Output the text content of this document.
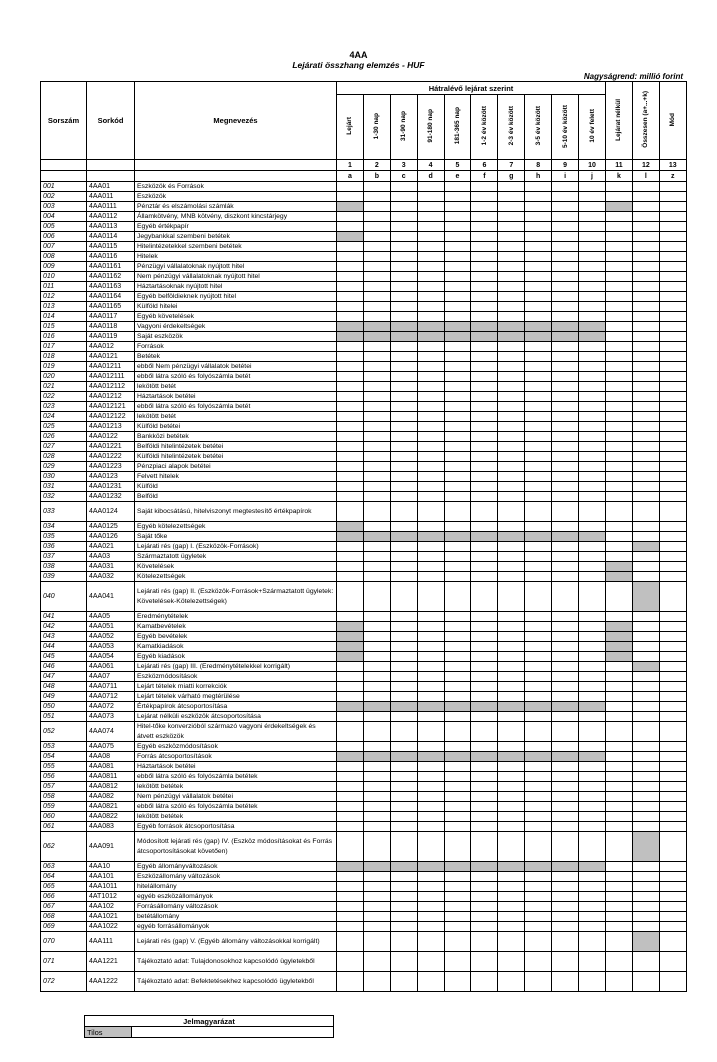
4AA
Lejárati összhang elemzés - HUF
Nagyságrend: millió forint
Sorszám	Sorkód	Megnevezés	Hátralévő lejárat szerint										Lejárat nélkül	Összesen (a+...+k)	Mód
			Lejárt	1-30 nap	31-90 nap	91-180 nap	181-365 nap	1-2 év között	2-3 év között	3-5 év között	5-10 év között	10 év felett			
			1	2	3	4	5	6	7	8	9	10	11	12	13
			a	b	c	d	e	f	g	h	i	j	k	l	z
001	4AA01	Eszközök és Források													
002	4AA011	Eszközök													
003	4AA0111	Pénztár és elszámolási számlák													
004	4AA0112	Államkötvény, MNB kötvény, diszkont kincstárjegy													
005	4AA0113	Egyéb értékpapír													
006	4AA0114	Jegybankkal szembeni betétek													
007	4AA0115	Hitelintézetekkel szembeni betétek													
008	4AA0116	Hitelek													
009	4AA01161	Pénzügyi vállalatoknak nyújtott hitel													
010	4AA01162	Nem pénzügyi vállalatoknak nyújtott hitel													
011	4AA01163	Háztartásoknak nyújtott hitel													
012	4AA01164	Egyéb belföldieknek nyújtott hitel													
013	4AA01165	Külföld hitelei													
014	4AA0117	Egyéb követelések													
015	4AA0118	Vagyoni érdekeltségek													
016	4AA0119	Saját eszközök													
017	4AA012	Források													
018	4AA0121	Betétek													
019	4AA01211	ebből Nem pénzügyi vállalatok betétei													
020	4AA012111	ebből látra szóló és folyószámla betét													
021	4AA012112	lekötött betét													
022	4AA01212	Háztartások betétei													
023	4AA012121	ebből látra szóló és folyószámla betét													
024	4AA012122	lekötött betét													
025	4AA01213	Külföld betétei													
026	4AA0122	Bankközi betétek													
027	4AA01221	Belföldi hitelintézetek betétei													
028	4AA01222	Külföldi hitelintézetek betétei													
029	4AA01223	Pénzpiaci alapok betétei													
030	4AA0123	Felvett hitelek													
031	4AA01231	Külföld													
032	4AA01232	Belföld													
033	4AA0124	Saját kibocsátású, hitelviszonyt megtestesítő értékpapírok													
034	4AA0125	Egyéb kötelezettségek													
035	4AA0126	Saját tőke													
036	4AA021	Lejárati rés (gap) I. (Eszközök-Források)													
037	4AA03	Származtatott ügyletek													
038	4AA031	Követelések													
039	4AA032	Kötelezettségek													
040	4AA041	Lejárati rés (gap) II. (Eszközök-Források+Származtatott ügyletek: Követelések-Kötelezettségek)													
041	4AA05	Eredménytételek													
042	4AA051	Kamatbevételek													
043	4AA052	Egyéb bevételek													
044	4AA053	Kamatkiadások													
045	4AA054	Egyéb kiadások													
046	4AA061	Lejárati rés (gap) III. (Eredménytételekkel korrigált)													
047	4AA07	Eszközmódosítások													
048	4AA0711	Lejárt tételek miatti korrekciók													
049	4AA0712	Lejárt tételek várható megtérülése													
050	4AA072	Értékpapírok átcsoportosítása													
051	4AA073	Lejárat nélküli eszközök átcsoportosítása													
052	4AA074	Hitel-tőke konverzióból származó vagyoni érdekeltségek és átvett eszközök													
053	4AA075	Egyéb eszközmódosítások													
054	4AA08	Forrás átcsoportosítások													
055	4AA081	Háztartások betétei													
056	4AA0811	ebből látra szóló és folyószámla betétek													
057	4AA0812	lekötött betétek													
058	4AA082	Nem pénzügyi vállalatok betétei													
059	4AA0821	ebből látra szóló és folyószámla betétek													
060	4AA0822	lekötött betétek													
061	4AA083	Egyéb források átcsoportosítása													
062	4AA091	Módosított lejárati rés (gap) IV. (Eszköz módosításokat és Forrás átcsoportosításokat követően)													
063	4AA10	Egyéb állományváltozások													
064	4AA101	Eszközállomány változások													
065	4AA1011	hitelállomány													
066	4AT1012	egyéb eszközállományok													
067	4AA102	Forrásállomány változások													
068	4AA1021	betétállomány													
069	4AA1022	egyéb forrásállományok													
070	4AA111	Lejárati rés (gap) V. (Egyéb állomány változásokkal korrigált)													
071	4AA1221	Tájékoztató adat: Tulajdonosokhoz kapcsolódó ügyletekből													
072	4AA1222	Tájékoztató adat: Befektetésekhez kapcsolódó ügyletekből													
Jelmagyarázat
Tilos	
